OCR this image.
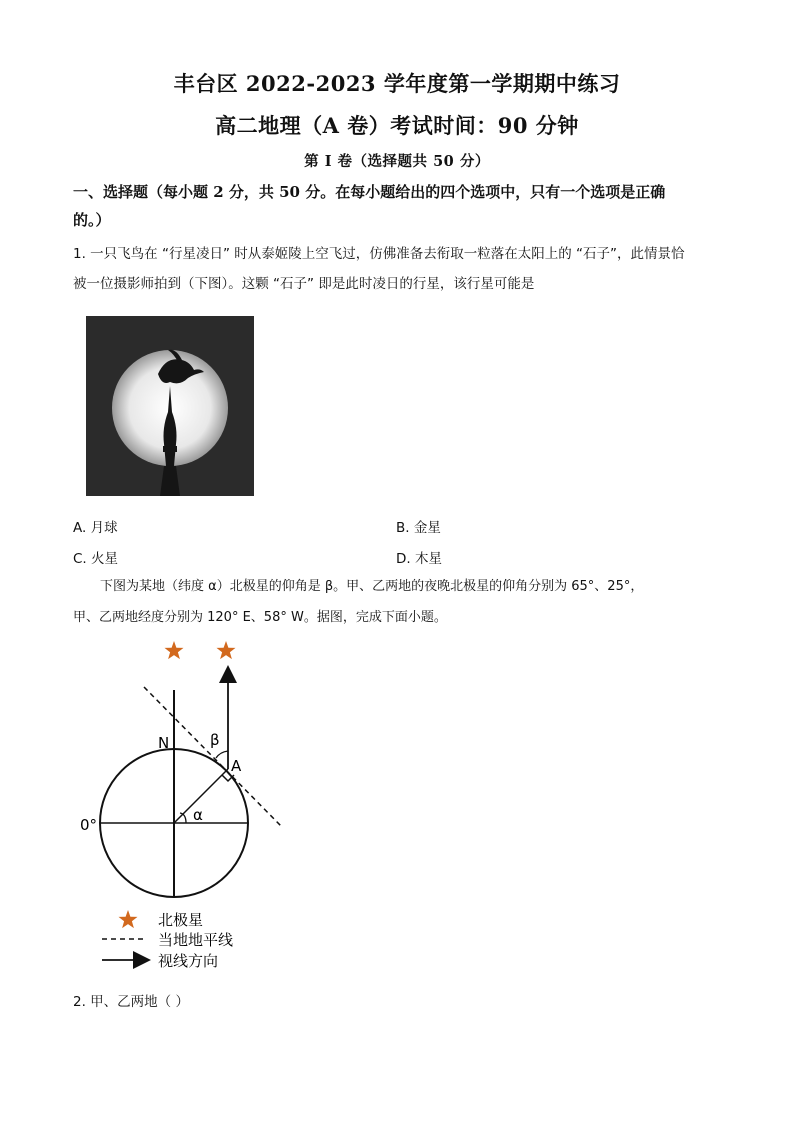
丰台区 2022-2023 学年度第一学期期中练习
高二地理（A 卷）考试时间：90 分钟
第 I 卷（选择题共 50 分）
一、选择题（每小题 2 分，共 50 分。在每小题给出的四个选项中，只有一个选项是正确
的。）
1. 一只飞鸟在 “行星凌日” 时从泰姬陵上空飞过，仿佛准备去衔取一粒落在太阳上的 “石子”，此情景恰
被一位摄影师拍到（下图）。这颗 “石子” 即是此时凌日的行星，该行星可能是
A. 月球	B. 金星
C. 火星	D. 木星
下图为某地（纬度 α）北极星的仰角是 β。甲、乙两地的夜晚北极星的仰角分别为 65°、25°，
甲、乙两地经度分别为 120° E、58° W。据图，完成下面小题。
N	β
A
α
0°
北极星
当地地平线
视线方向
2. 甲、乙两地（ ）
